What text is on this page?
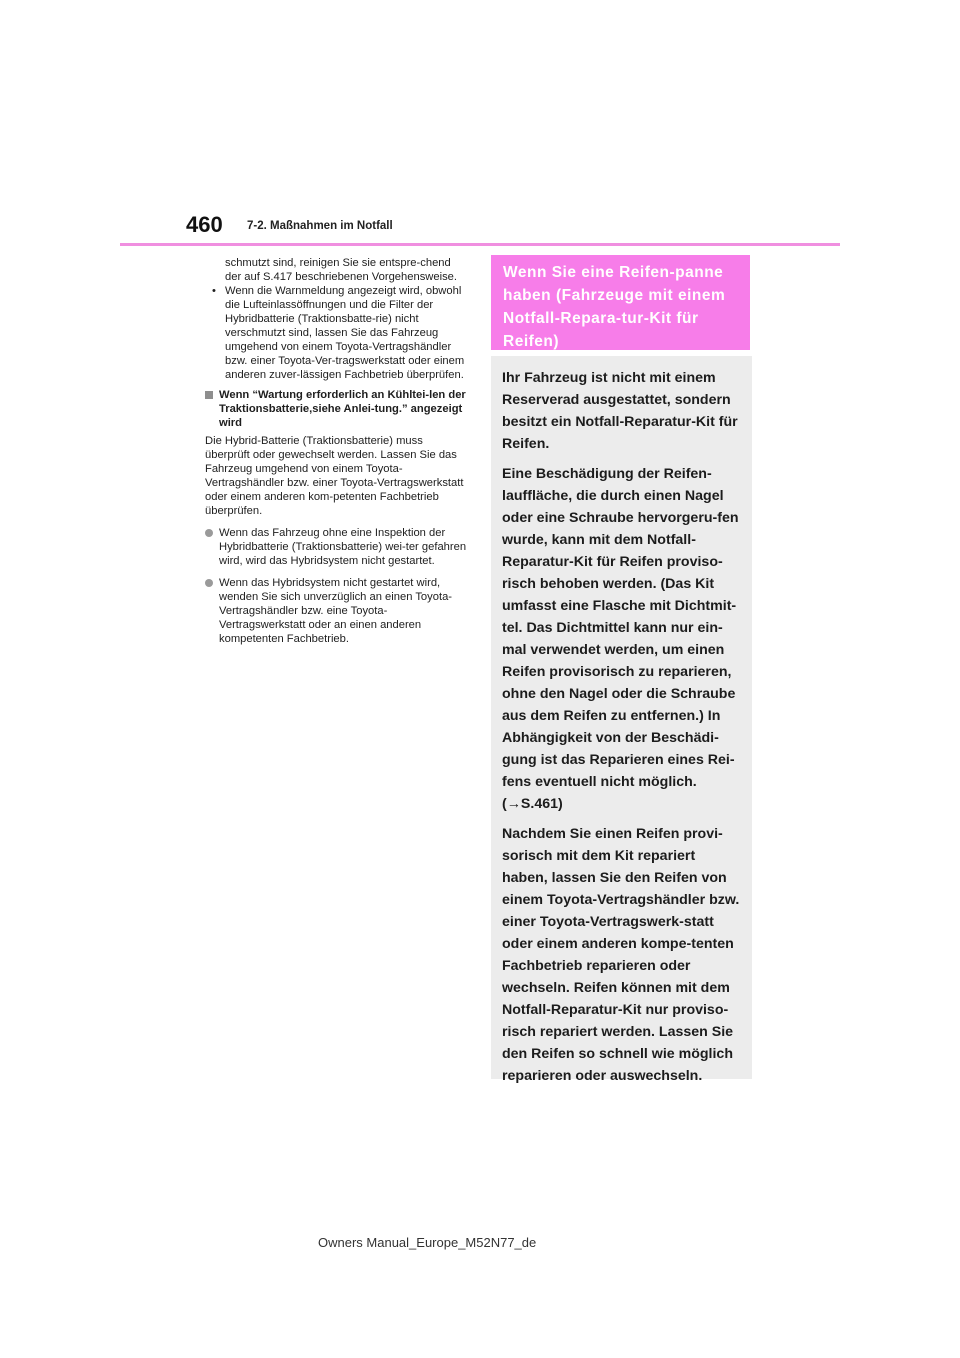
460 7-2. Maßnahmen im Notfall

schmutzt sind, reinigen Sie sie entspre-chend der auf S.417 beschriebenen Vorgehensweise.

• Wenn die Warnmeldung angezeigt wird, obwohl die Lufteinlassöffnungen und die Filter der Hybridbatterie (Traktionsbatte-rie) nicht verschmutzt sind, lassen Sie das Fahrzeug umgehend von einem Toyota-Vertragshändler bzw. einer Toyota-Ver-tragswerkstatt oder einem anderen zuver-lässigen Fachbetrieb überprüfen.

Wenn “Wartung erforderlich an Kühltei-len der Traktionsbatterie,siehe Anlei-tung.” angezeigt wird

Die Hybrid-Batterie (Traktionsbatterie) muss überprüft oder gewechselt werden. Lassen Sie das Fahrzeug umgehend von einem Toyota-Vertragshändler bzw. einer Toyota-Vertragswerkstatt oder einem anderen kom-petenten Fachbetrieb überprüfen.

Wenn das Fahrzeug ohne eine Inspektion der Hybridbatterie (Traktionsbatterie) wei-ter gefahren wird, wird das Hybridsystem nicht gestartet.

Wenn das Hybridsystem nicht gestartet wird, wenden Sie sich unverzüglich an einen Toyota-Vertragshändler bzw. eine Toyota-Vertragswerkstatt oder an einen anderen kompetenten Fachbetrieb.

Wenn Sie eine Reifen-panne haben (Fahrzeuge mit einem Notfall-Repara-tur-Kit für Reifen)

Ihr Fahrzeug ist nicht mit einem Reserverad ausgestattet, sondern besitzt ein Notfall-Reparatur-Kit für Reifen.

Eine Beschädigung der Reifen-lauffläche, die durch einen Nagel oder eine Schraube hervorgeru-fen wurde, kann mit dem Notfall-Reparatur-Kit für Reifen proviso-risch behoben werden. (Das Kit umfasst eine Flasche mit Dichtmit-tel. Das Dichtmittel kann nur ein-mal verwendet werden, um einen Reifen provisorisch zu reparieren, ohne den Nagel oder die Schraube aus dem Reifen zu entfernen.) In Abhängigkeit von der Beschädi-gung ist das Reparieren eines Rei-fens eventuell nicht möglich. (→S.461)

Nachdem Sie einen Reifen provi-sorisch mit dem Kit repariert haben, lassen Sie den Reifen von einem Toyota-Vertragshändler bzw. einer Toyota-Vertragswerk-statt oder einem anderen kompe-tenten Fachbetrieb reparieren oder wechseln. Reifen können mit dem Notfall-Reparatur-Kit nur proviso-risch repariert werden. Lassen Sie den Reifen so schnell wie möglich reparieren oder auswechseln.

Owners Manual_Europe_M52N77_de
